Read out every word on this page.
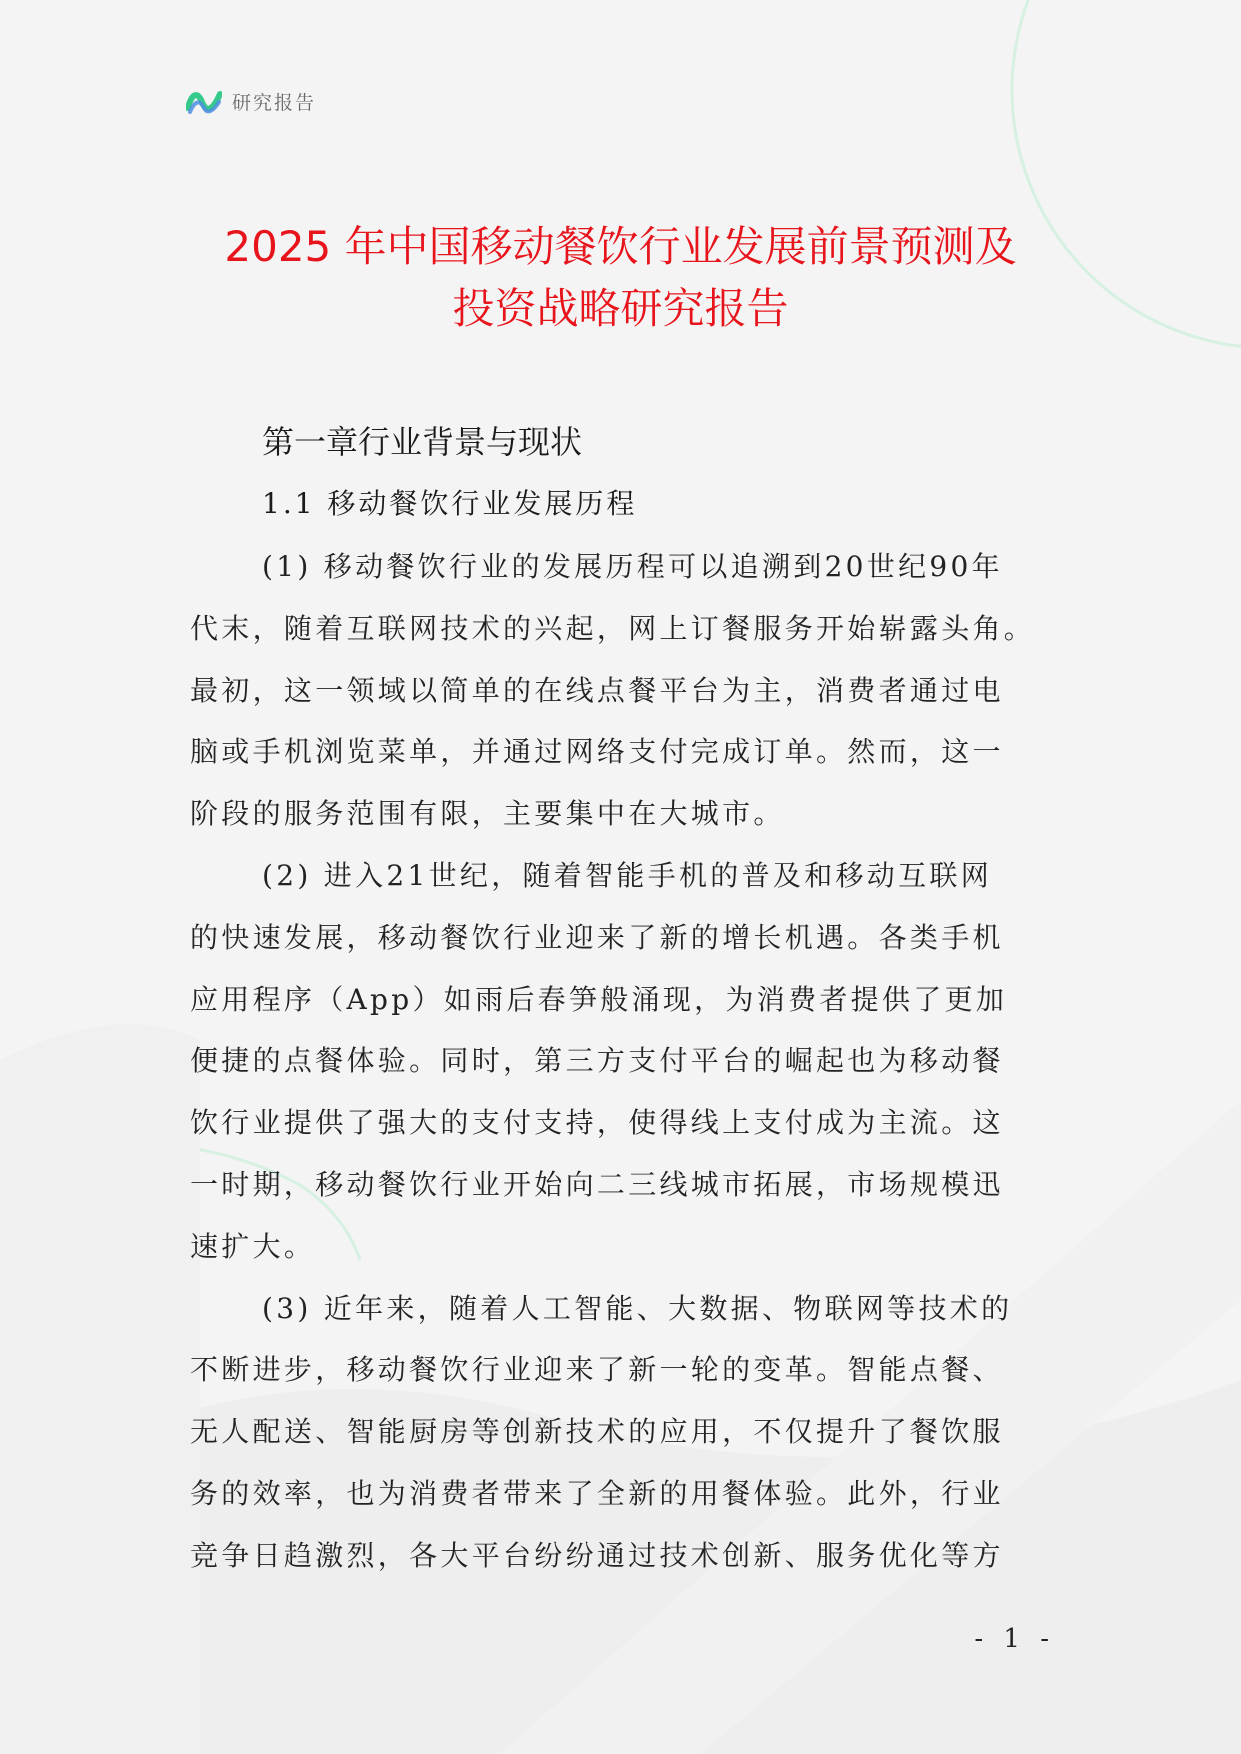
研究报告
2025 年中国移动餐饮行业发展前景预测及
投资战略研究报告
第一章行业背景与现状
1.1 移动餐饮行业发展历程

(1) 移动餐饮行业的发展历程可以追溯到20世纪90年
代末，随着互联网技术的兴起，网上订餐服务开始崭露头角。
最初，这一领域以简单的在线点餐平台为主，消费者通过电
脑或手机浏览菜单，并通过网络支付完成订单。然而，这一
阶段的服务范围有限，主要集中在大城市。

(2) 进入21世纪，随着智能手机的普及和移动互联网
的快速发展，移动餐饮行业迎来了新的增长机遇。各类手机
应用程序（App）如雨后春笋般涌现，为消费者提供了更加
便捷的点餐体验。同时，第三方支付平台的崛起也为移动餐
饮行业提供了强大的支付支持，使得线上支付成为主流。这
一时期，移动餐饮行业开始向二三线城市拓展，市场规模迅
速扩大。

(3) 近年来，随着人工智能、大数据、物联网等技术的
不断进步，移动餐饮行业迎来了新一轮的变革。智能点餐、
无人配送、智能厨房等创新技术的应用，不仅提升了餐饮服
务的效率，也为消费者带来了全新的用餐体验。此外，行业
竞争日趋激烈，各大平台纷纷通过技术创新、服务优化等方

- 1 -
